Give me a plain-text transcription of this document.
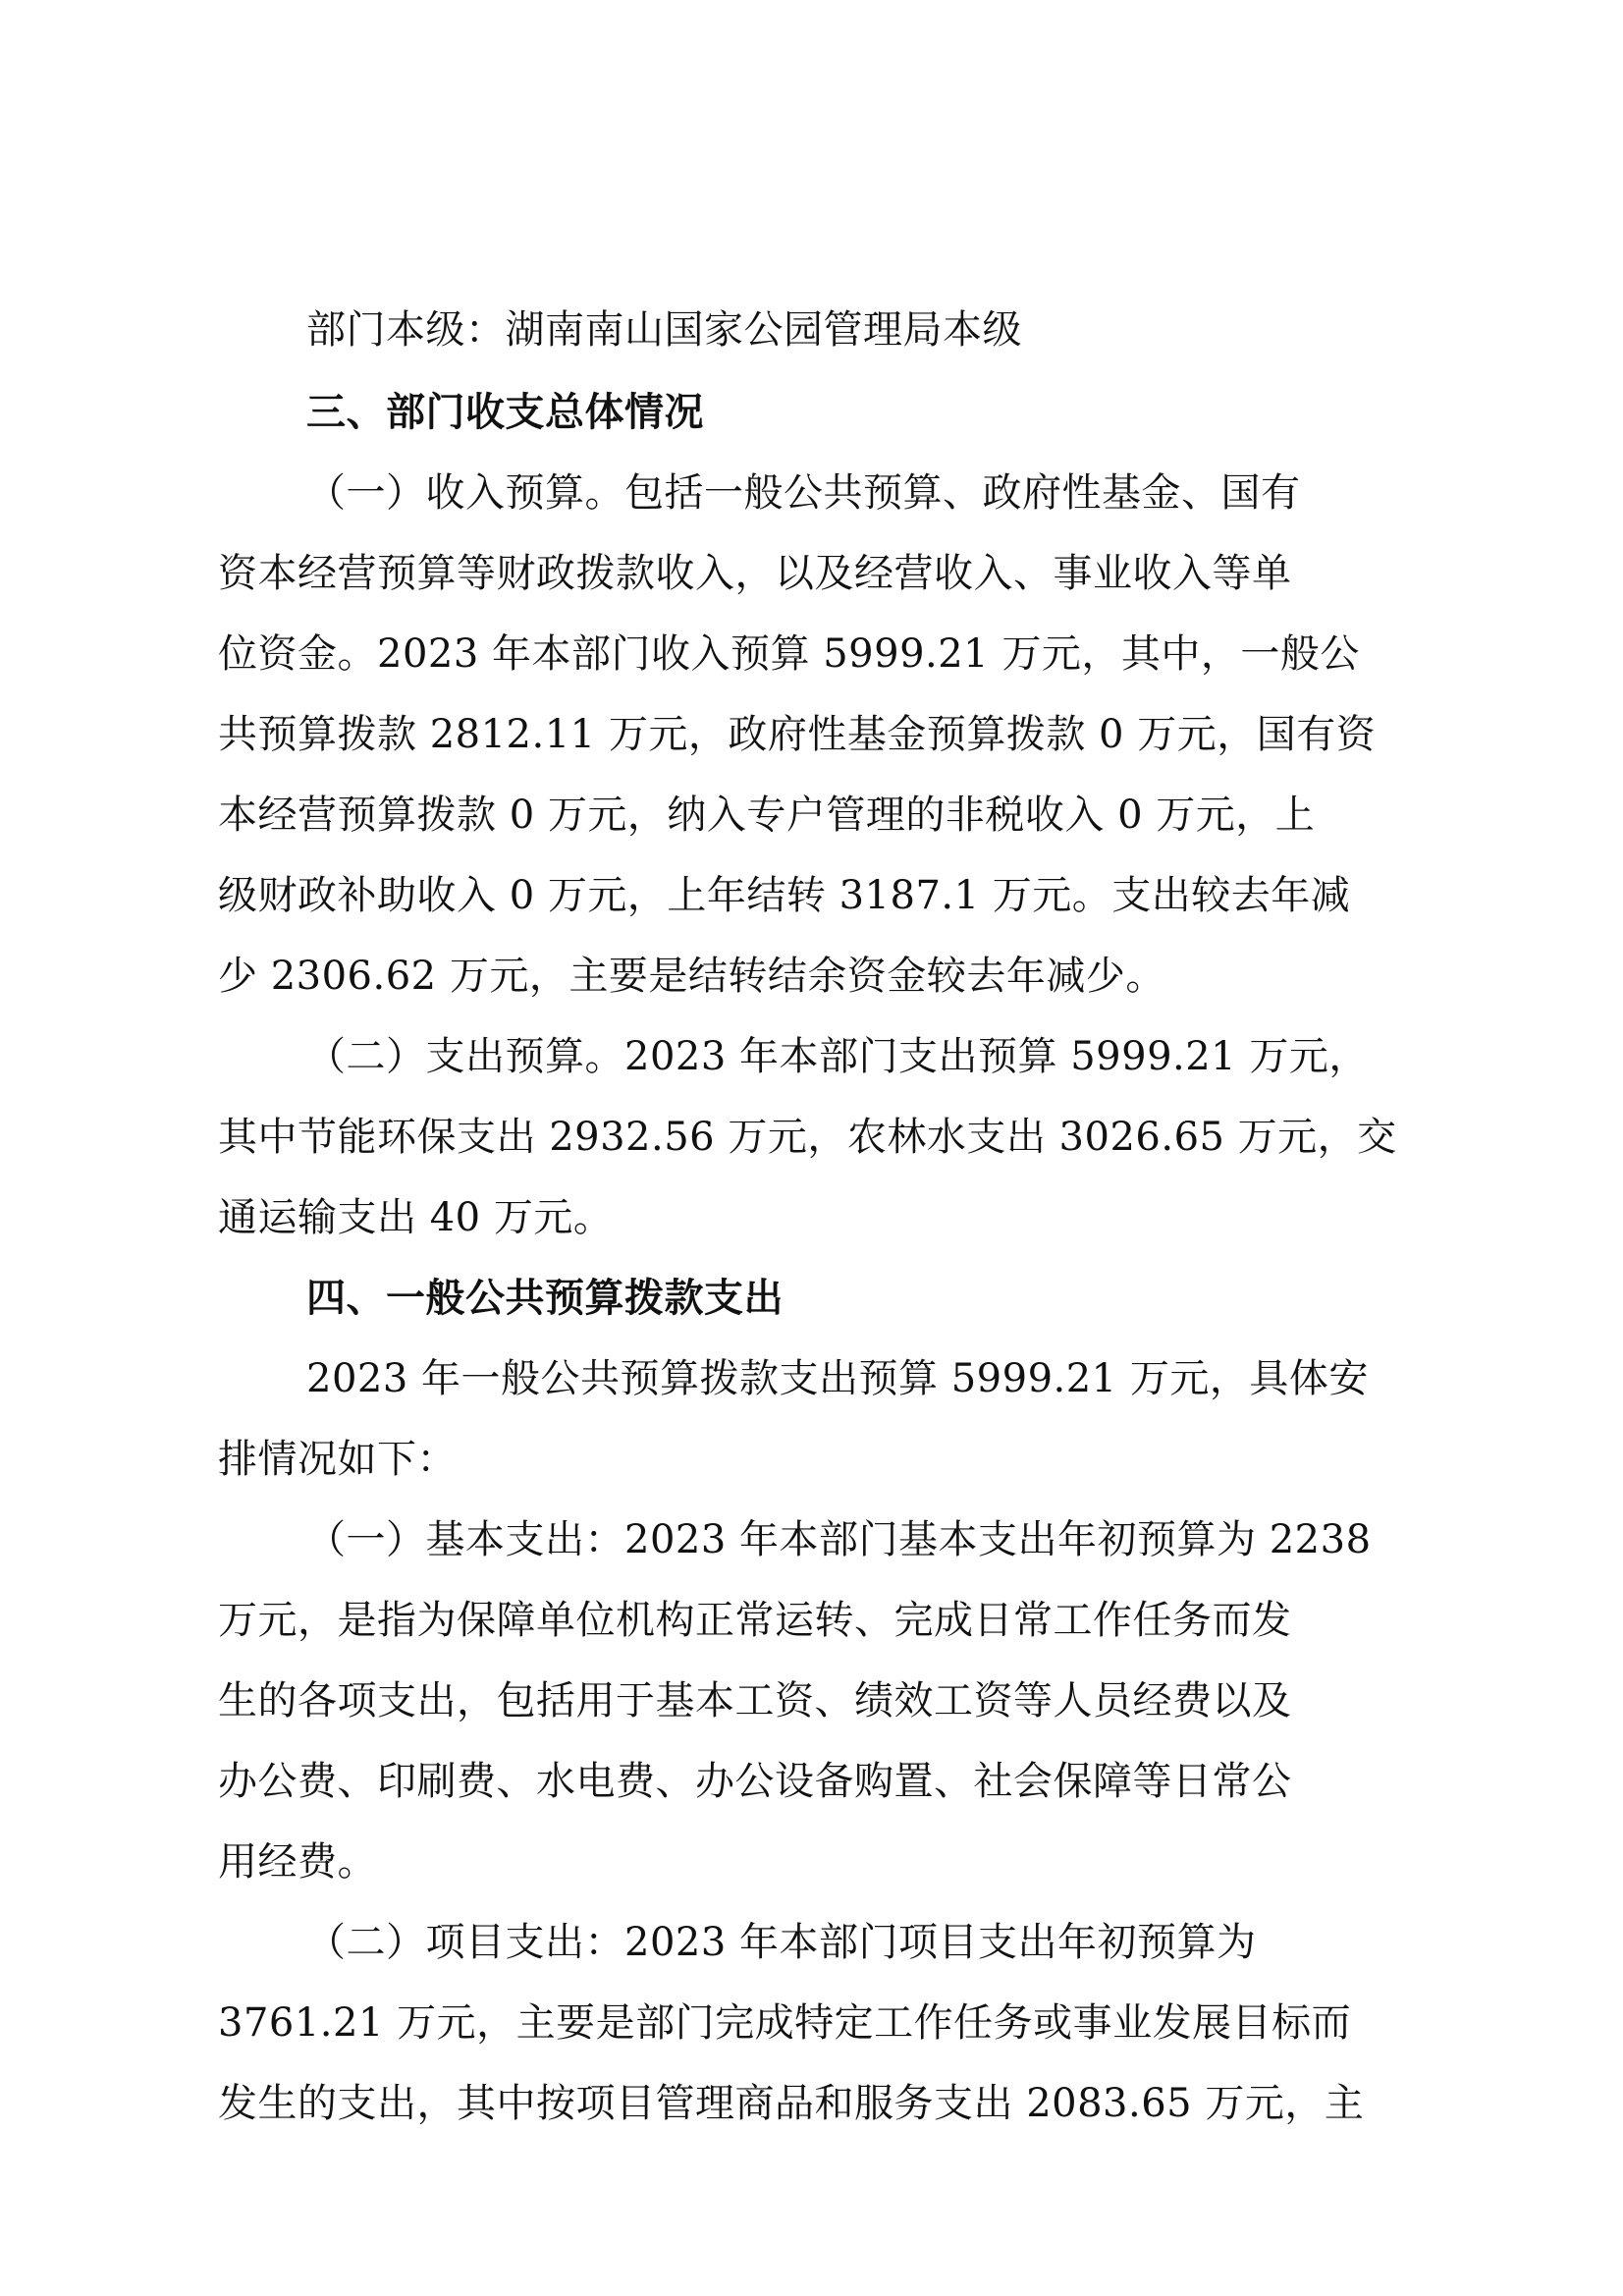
部门本级：湖南南山国家公园管理局本级
三、部门收支总体情况
（一）收入预算。包括一般公共预算、政府性基金、国有
资本经营预算等财政拨款收入，以及经营收入、事业收入等单
位资金。2023 年本部门收入预算 5999.21 万元，其中，一般公
共预算拨款 2812.11 万元，政府性基金预算拨款 0 万元，国有资
本经营预算拨款 0 万元，纳入专户管理的非税收入 0 万元，上
级财政补助收入 0 万元，上年结转 3187.1 万元。支出较去年减
少 2306.62 万元，主要是结转结余资金较去年减少。
（二）支出预算。2023 年本部门支出预算 5999.21 万元，
其中节能环保支出 2932.56 万元，农林水支出 3026.65 万元，交
通运输支出 40 万元。
四、一般公共预算拨款支出
2023 年一般公共预算拨款支出预算 5999.21 万元，具体安
排情况如下：
（一）基本支出：2023 年本部门基本支出年初预算为 2238
万元，是指为保障单位机构正常运转、完成日常工作任务而发
生的各项支出，包括用于基本工资、绩效工资等人员经费以及
办公费、印刷费、水电费、办公设备购置、社会保障等日常公
用经费。
（二）项目支出：2023 年本部门项目支出年初预算为
3761.21 万元，主要是部门完成特定工作任务或事业发展目标而
发生的支出，其中按项目管理商品和服务支出 2083.65 万元，主
